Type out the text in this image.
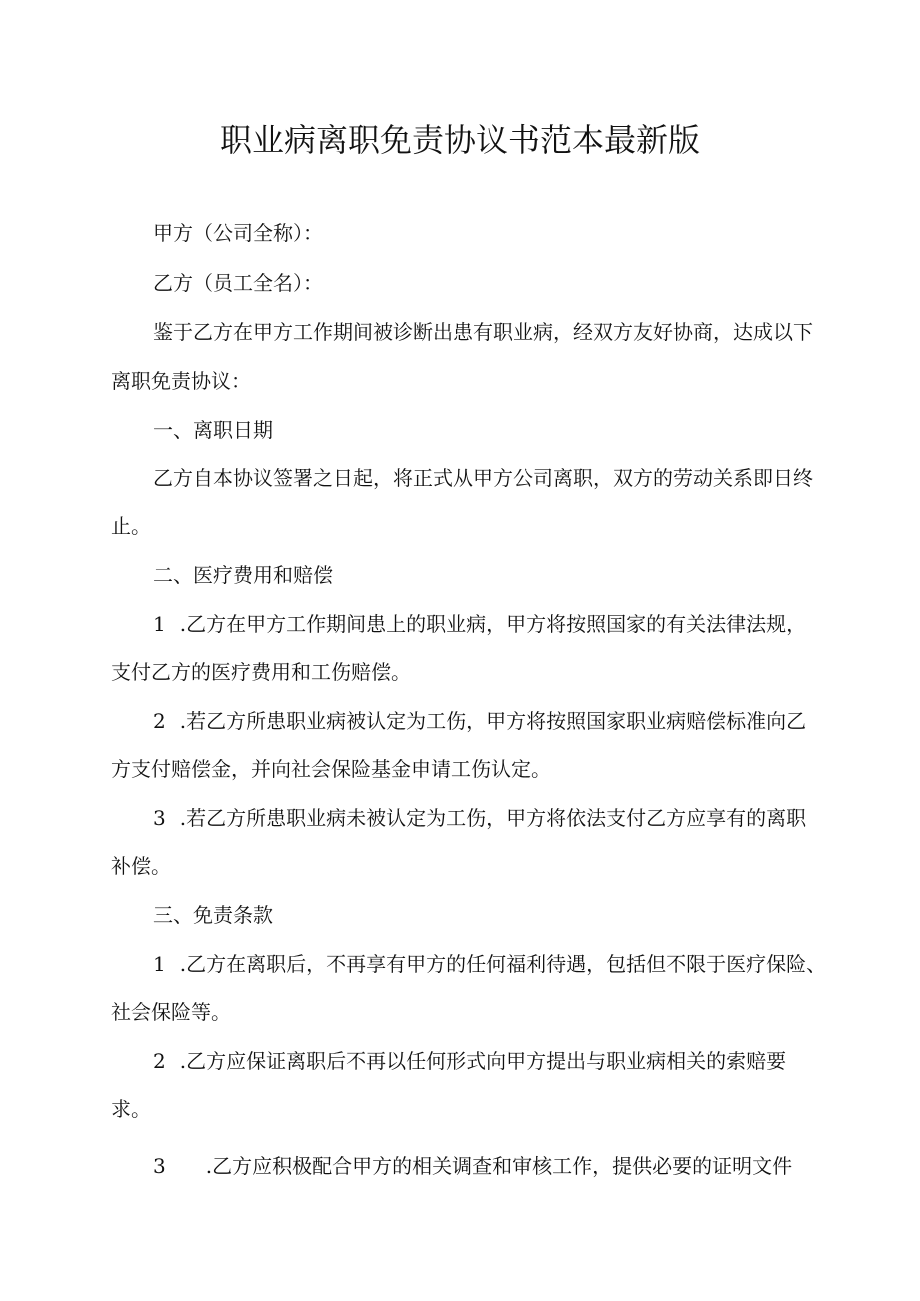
职业病离职免责协议书范本最新版
甲方（公司全称）：
乙方（员工全名）：
鉴于乙方在甲方工作期间被诊断出患有职业病，经双方友好协商，达成以下
离职免责协议：
一、离职日期
乙方自本协议签署之日起，将正式从甲方公司离职，双方的劳动关系即日终
止。
二、医疗费用和赔偿
1 .乙方在甲方工作期间患上的职业病，甲方将按照国家的有关法律法规，
支付乙方的医疗费用和工伤赔偿。
2 .若乙方所患职业病被认定为工伤，甲方将按照国家职业病赔偿标准向乙
方支付赔偿金，并向社会保险基金申请工伤认定。
3 .若乙方所患职业病未被认定为工伤，甲方将依法支付乙方应享有的离职
补偿。
三、免责条款
1 .乙方在离职后，不再享有甲方的任何福利待遇，包括但不限于医疗保险、
社会保险等。
2 .乙方应保证离职后不再以任何形式向甲方提出与职业病相关的索赔要
求。
3 .乙方应积极配合甲方的相关调查和审核工作，提供必要的证明文件
